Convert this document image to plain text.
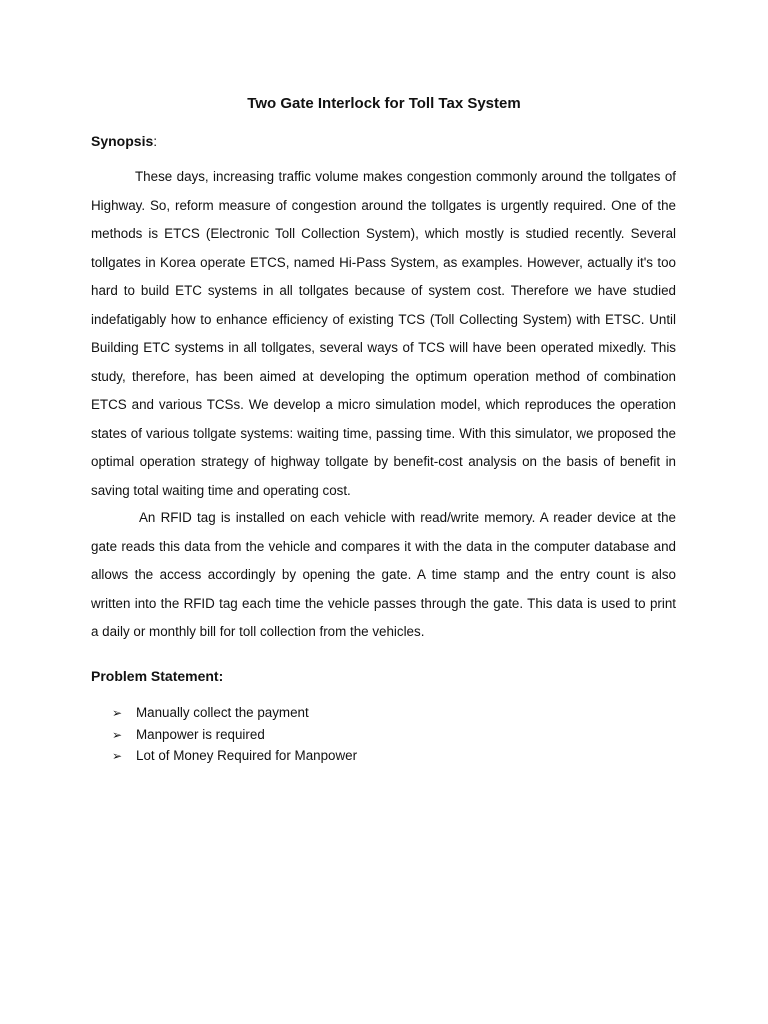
Two Gate Interlock for Toll Tax System

Synopsis:

These days, increasing traffic volume makes congestion commonly around the tollgates of Highway. So, reform measure of congestion around the tollgates is urgently required. One of the methods is ETCS (Electronic Toll Collection System), which mostly is studied recently. Several tollgates in Korea operate ETCS, named Hi-Pass System, as examples. However, actually it's too hard to build ETC systems in all tollgates because of system cost. Therefore we have studied indefatigably how to enhance efficiency of existing TCS (Toll Collecting System) with ETSC. Until Building ETC systems in all tollgates, several ways of TCS will have been operated mixedly. This study, therefore, has been aimed at developing the optimum operation method of combination ETCS and various TCSs. We develop a micro simulation model, which reproduces the operation states of various tollgate systems: waiting time, passing time. With this simulator, we proposed the optimal operation strategy of highway tollgate by benefit-cost analysis on the basis of benefit in saving total waiting time and operating cost.

An RFID tag is installed on each vehicle with read/write memory. A reader device at the gate reads this data from the vehicle and compares it with the data in the computer database and allows the access accordingly by opening the gate. A time stamp and the entry count is also written into the RFID tag each time the vehicle passes through the gate. This data is used to print a daily or monthly bill for toll collection from the vehicles.

Problem Statement:

➢ Manually collect the payment
➢ Manpower is required
➢ Lot of Money Required for Manpower
